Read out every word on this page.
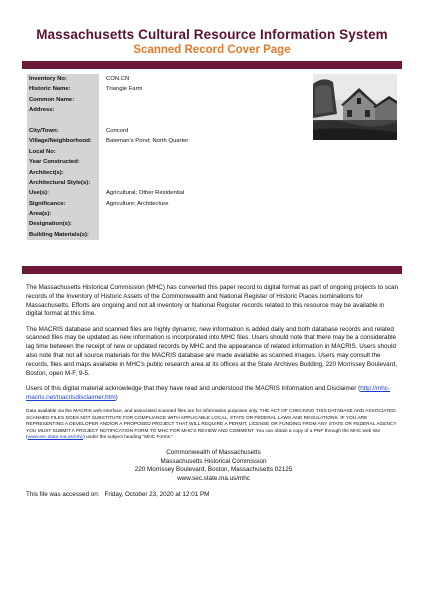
Massachusetts Cultural Resource Information System
Scanned Record Cover Page
Inventory No:	CON.CN
Historic Name:	Triangle Farm
Common Name:
Address:
City/Town:	Concord
Village/Neighborhood:	Bateman's Pond; North Quarter
Local No:
Year Constructed:
Architect(s):
Architectural Style(s):
Use(s):	Agricultural; Other Residential
Significance:	Agriculture; Architecture
Area(s):
Designation(s):
Building Materials(s):

The Massachusetts Historical Commission (MHC) has converted this paper record to digital format as part of ongoing projects to scan records of the Inventory of Historic Assets of the Commonwealth and National Register of Historic Places nominations for Massachusetts. Efforts are ongoing and not all inventory or National Register records related to this resource may be available in digital format at this time.

The MACRIS database and scanned files are highly dynamic; new information is added daily and both database records and related scanned files may be updated as new information is incorporated into MHC files. Users should note that there may be a considerable lag time between the receipt of new or updated records by MHC and the appearance of related information in MACRIS. Users should also note that not all source materials for the MACRIS database are made available as scanned images. Users may consult the records, files and maps available in MHC's public research area at its offices at the State Archives Building, 220 Morrissey Boulevard, Boston, open M-F, 9-5.

Users of this digital material acknowledge that they have read and understood the MACRIS Information and Disclaimer (http://mhc-macris.net/macrisdisclaimer.htm)

Data available via the MACRIS web interface, and associated scanned files are for information purposes only. THE ACT OF CHECKING THIS DATABASE AND ASSOCIATED SCANNED FILES DOES NOT SUBSTITUTE FOR COMPLIANCE WITH APPLICABLE LOCAL, STATE OR FEDERAL LAWS AND REGULATIONS. IF YOU ARE REPRESENTING A DEVELOPER AND/OR A PROPOSED PROJECT THAT WILL REQUIRE A PERMIT, LICENSE OR FUNDING FROM ANY STATE OR FEDERAL AGENCY YOU MUST SUBMIT A PROJECT NOTIFICATION FORM TO MHC FOR MHC'S REVIEW AND COMMENT. You can obtain a copy of a PNF through the MHC web site (www.sec.state.ma.us/mhc) under the subject heading "MHC Forms."

Commonwealth of Massachusetts
Massachusetts Historical Commission
220 Morrissey Boulevard, Boston, Massachusetts 02125
www.sec.state.ma.us/mhc
This file was accessed on: Friday, October 23, 2020 at 12:01 PM
